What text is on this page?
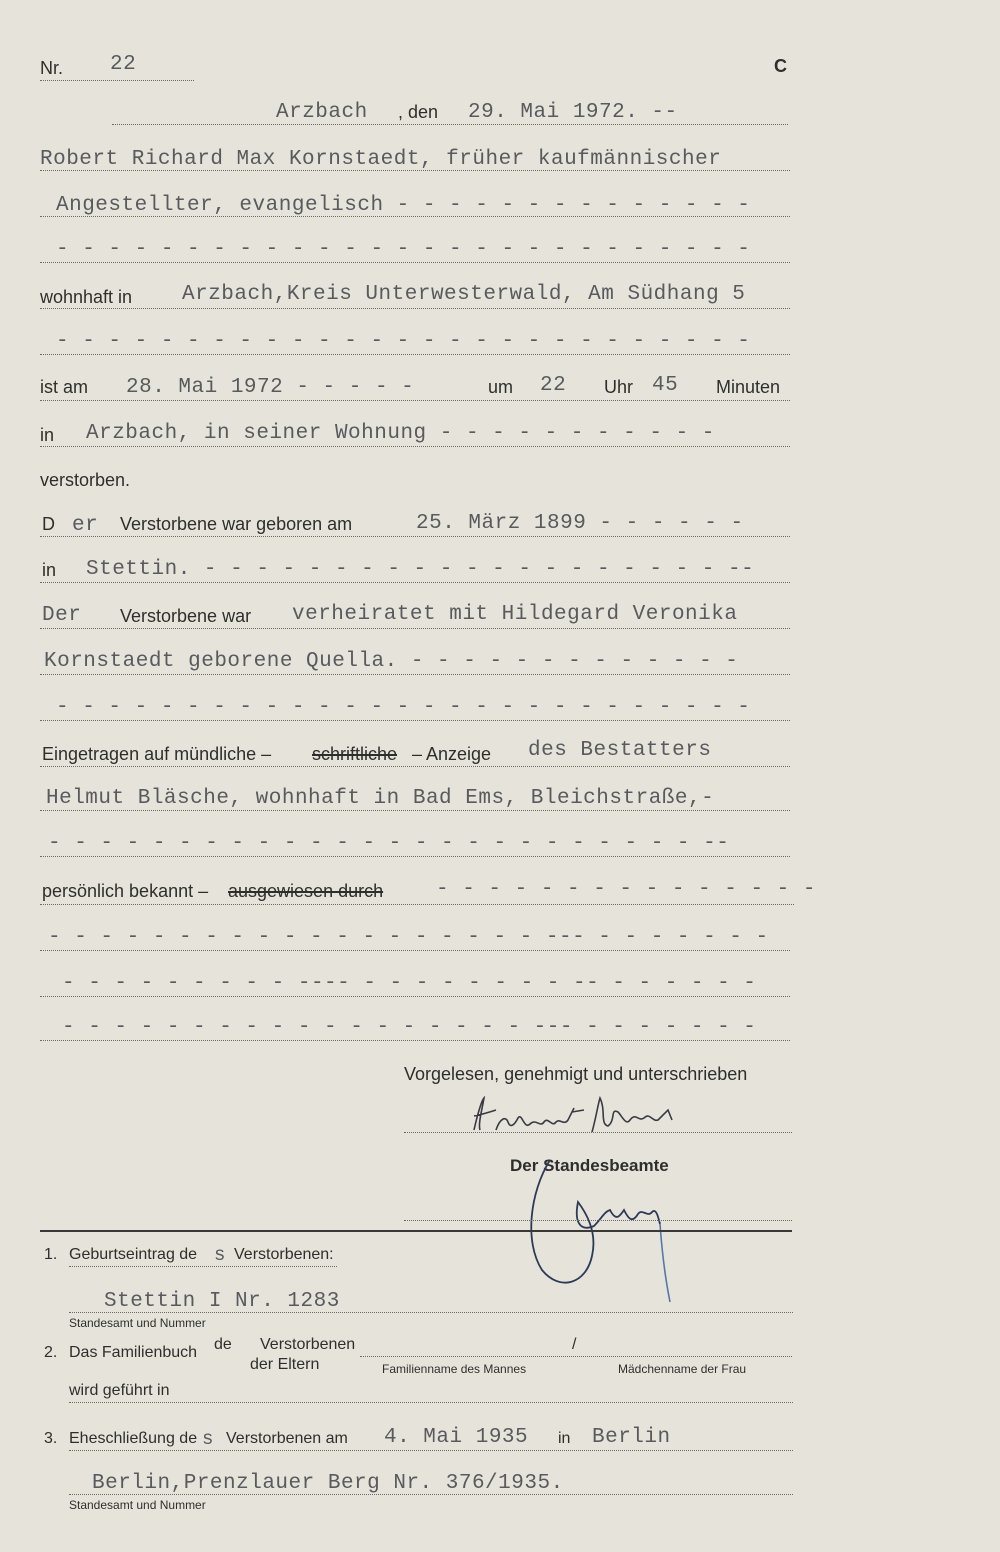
Nr. 22	C
Arzbach , den 29. Mai 1972. --
Robert Richard Max Kornstaedt, früher kaufmännischer
Angestellter, evangelisch - - - - - - - - - - - - - -
- - - - - - - - - - - - - - - - - - - - - - - - - - -
wohnhaft in Arzbach,Kreis Unterwesterwald, Am Südhang 5
- - - - - - - - - - - - - - - - - - - - - - - - - - -
ist am 28. Mai 1972 - - - - -	um 22 Uhr 45 Minuten
in Arzbach, in seiner Wohnung - - - - - - - - - - -
verstorben.
D er Verstorbene war geboren am	25. März 1899 - - - - - -
in Stettin. - - - - - - - - - - - - - - - - - - - - --
Der Verstorbene war verheiratet mit Hildegard Veronika
Kornstaedt geborene Quella. - - - - - - - - - - - - -
- - - - - - - - - - - - - - - - - - - - - - - - - - -
Eingetragen auf mündliche – schriftliche – Anzeige des Bestatters
Helmut Bläsche, wohnhaft in Bad Ems, Bleichstraße,-
- - - - - - - - - - - - - - - - - - - - - - - - - --
persönlich bekannt – ausgewiesen durch	- - - - - - - - - - - - - - -
- - - - - - - - - - - - - - - - - - - --- - - - - - - -
- - - - - - - - - ---- - - - - - - - - -- - - - - - -
- - - - - - - - - - - - - - - - - - --- - - - - - - -
Vorgelesen, genehmigt und unterschrieben
Der Standesbeamte
1. Geburtseintrag de s Verstorbenen:
Stettin I Nr. 1283
Standesamt und Nummer
2. Das Familienbuch de Verstorbenen
der Eltern
/
Familienname des Mannes	Mädchenname der Frau
wird geführt in
3. Eheschließung de s Verstorbenen am 4. Mai 1935 in Berlin
Berlin,Prenzlauer Berg Nr. 376/1935.
Standesamt und Nummer
